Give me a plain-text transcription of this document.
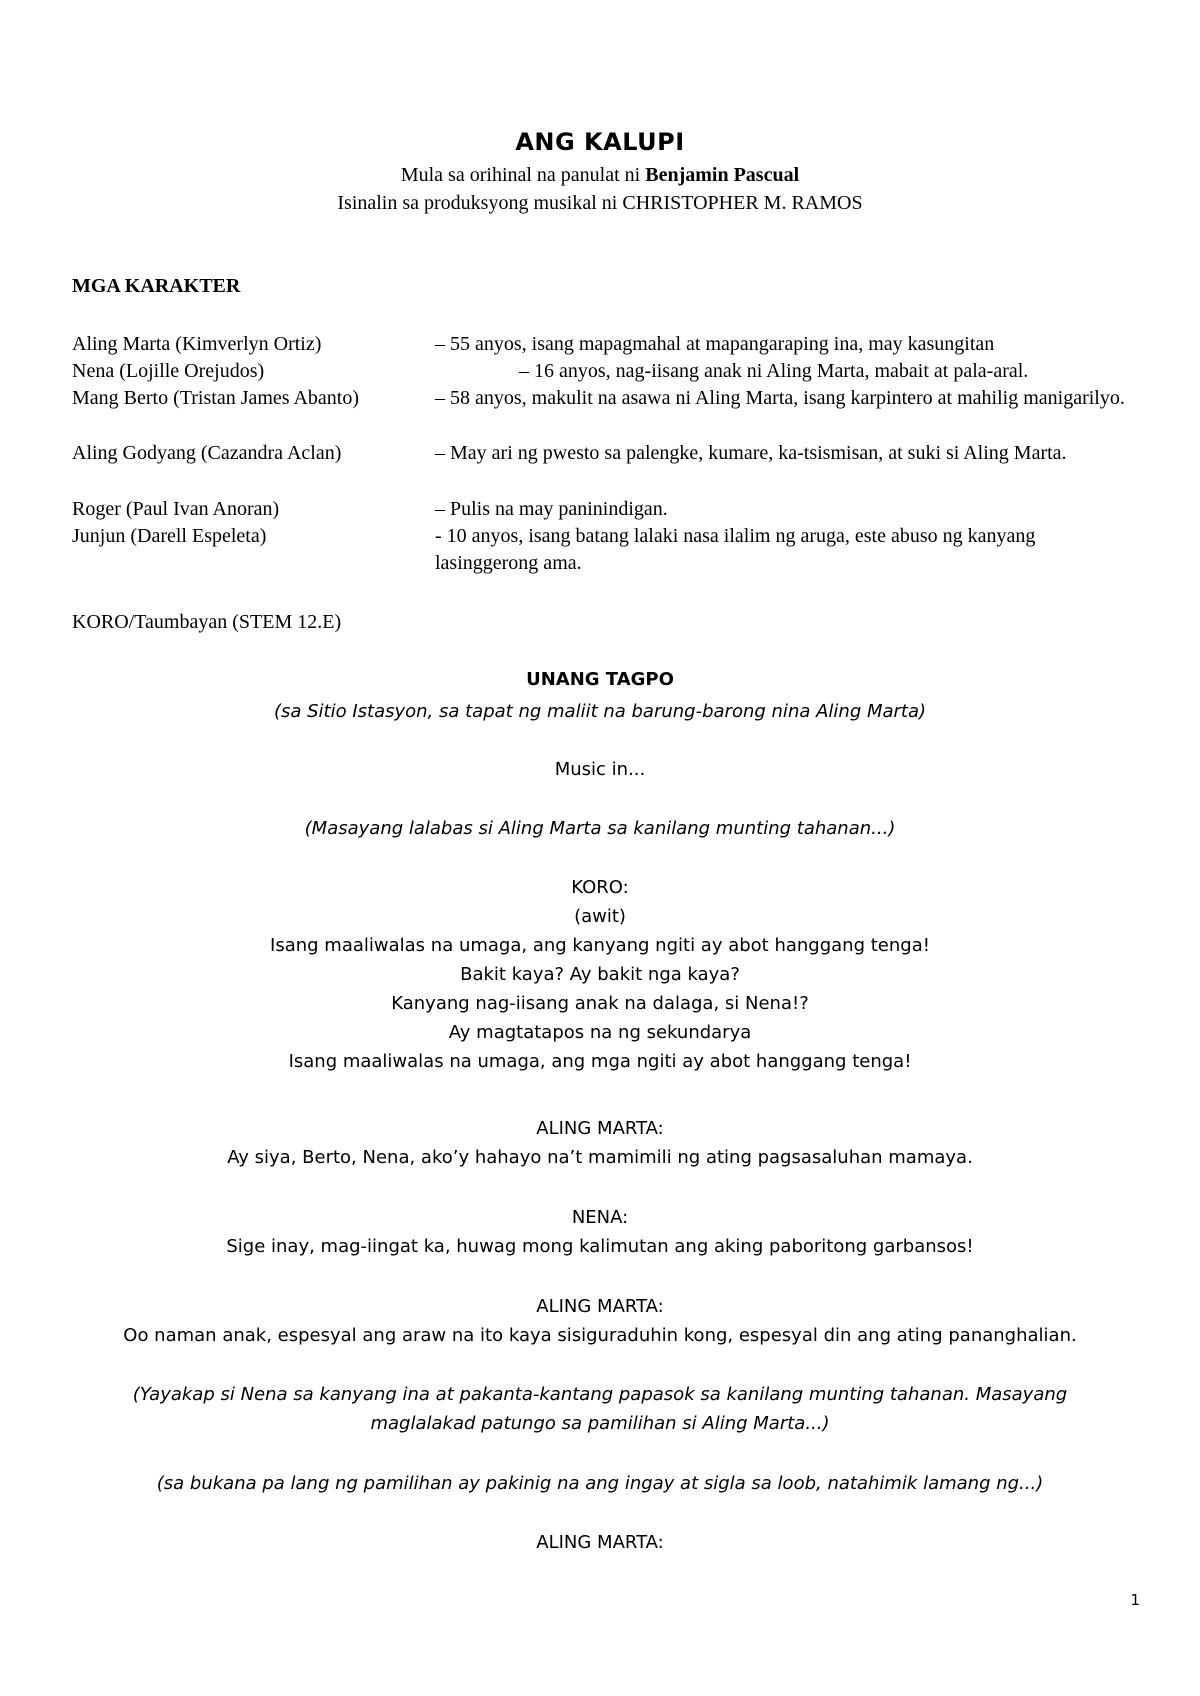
ANG KALUPI
Mula sa orihinal na panulat ni Benjamin Pascual
Isinalin sa produksyong musikal ni CHRISTOPHER M. RAMOS
MGA KARAKTER
Aling Marta (Kimverlyn Ortiz)	– 55 anyos, isang mapagmahal at mapangaraping ina, may kasungitan
Nena (Lojille Orejudos)	– 16 anyos, nag-iisang anak ni Aling Marta, mabait at pala-aral.
Mang Berto (Tristan James Abanto)	– 58 anyos, makulit na asawa ni Aling Marta, isang karpintero at mahilig manigarilyo.
Aling Godyang (Cazandra Aclan)	– May ari ng pwesto sa palengke, kumare, ka-tsismisan, at suki si Aling Marta.
Roger (Paul Ivan Anoran)	– Pulis na may paninindigan.
Junjun (Darell Espeleta)	- 10 anyos, isang batang lalaki nasa ilalim ng aruga, este abuso ng kanyang lasinggerong ama.
KORO/Taumbayan (STEM 12.E)
UNANG TAGPO
(sa Sitio Istasyon, sa tapat ng maliit na barung-barong nina Aling Marta)
Music in...
(Masayang lalabas si Aling Marta sa kanilang munting tahanan...)
KORO:
(awit)
Isang maaliwalas na umaga, ang kanyang ngiti ay abot hanggang tenga!
Bakit kaya? Ay bakit nga kaya?
Kanyang nag-iisang anak na dalaga, si Nena!?
Ay magtatapos na ng sekundarya
Isang maaliwalas na umaga, ang mga ngiti ay abot hanggang tenga!
ALING MARTA:
Ay siya, Berto, Nena, ako’y hahayo na’t mamimili ng ating pagsasaluhan mamaya.
NENA:
Sige inay, mag-iingat ka, huwag mong kalimutan ang aking paboritong garbansos!
ALING MARTA:
Oo naman anak, espesyal ang araw na ito kaya sisiguraduhin kong, espesyal din ang ating pananghalian.
(Yayakap si Nena sa kanyang ina at pakanta-kantang papasok sa kanilang munting tahanan. Masayang maglalakad patungo sa pamilihan si Aling Marta...)
(sa bukana pa lang ng pamilihan ay pakinig na ang ingay at sigla sa loob, natahimik lamang ng...)
ALING MARTA:
1
